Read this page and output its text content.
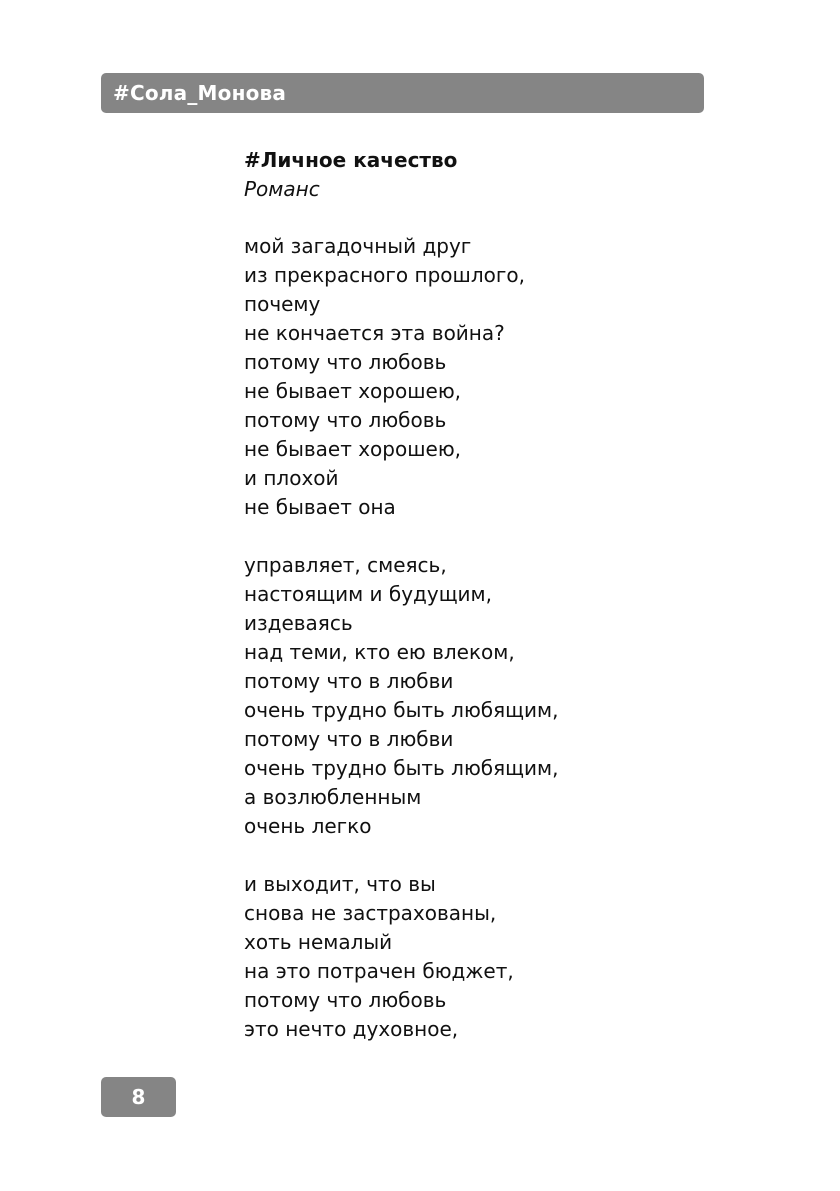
#Сола_Монова

#Личное качество

Романс

мой загадочный друг
из прекрасного прошлого,
почему
не кончается эта война?
потому что любовь
не бывает хорошею,
потому что любовь
не бывает хорошею,
и плохой
не бывает она
управляет, смеясь,
настоящим и будущим,
издеваясь
над теми, кто ею влеком,
потому что в любви
очень трудно быть любящим,
потому что в любви
очень трудно быть любящим,
а возлюбленным
очень легко
и выходит, что вы
снова не застрахованы,
хоть немалый
на это потрачен бюджет,
потому что любовь
это нечто духовное,
8
